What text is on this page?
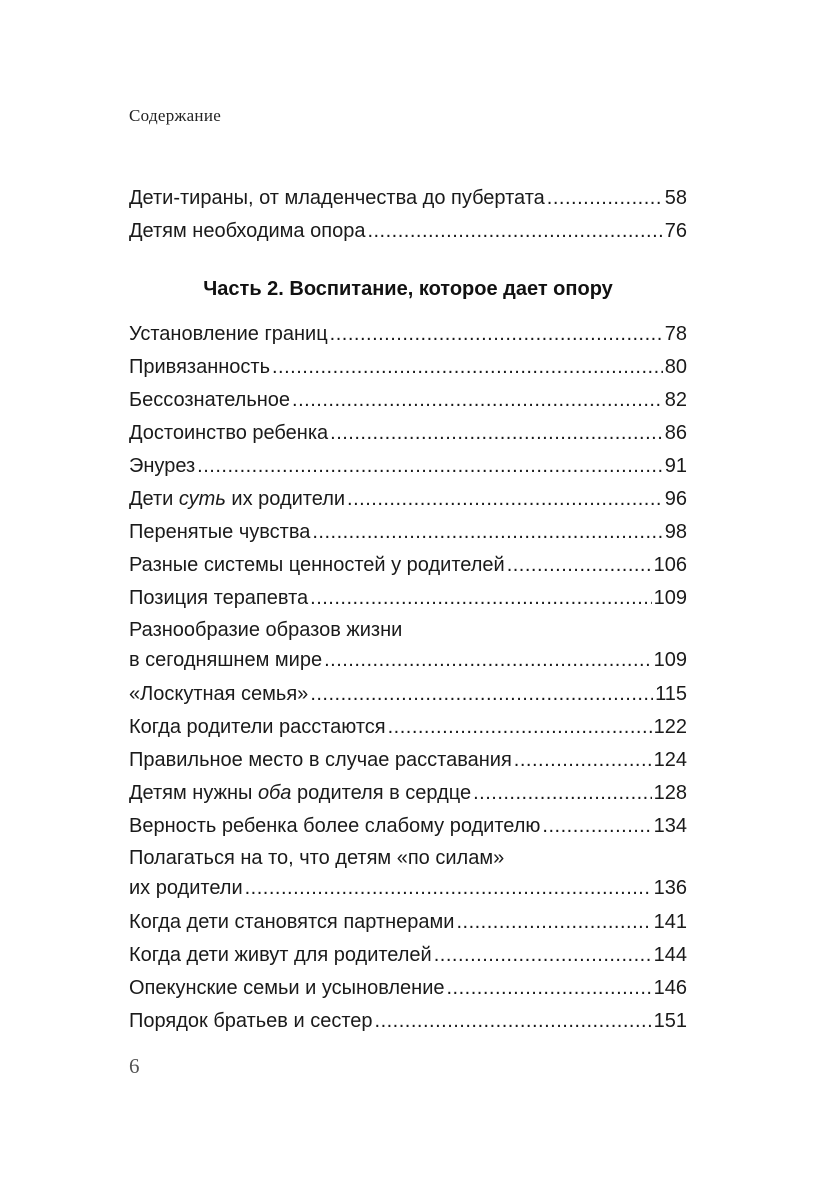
Содержание
Дети-тираны, от младенчества до пубертата .....	58
Детям необходима опора .....	76
Часть 2. Воспитание, которое дает опору
Установление границ .....	78
Привязанность .....	80
Бессознательное .....	82
Достоинство ребенка .....	86
Энурез .....	91
Дети суть их родители .....	96
Перенятые чувства .....	98
Разные системы ценностей у родителей .....	106
Позиция терапевта .....	109
Разнообразие образов жизни
в сегодняшнем мире .....	109
«Лоскутная семья» .....	115
Когда родители расстаются .....	122
Правильное место в случае расставания .....	124
Детям нужны оба родителя в сердце .....	128
Верность ребенка более слабому родителю .....	134
Полагаться на то, что детям «по силам»
их родители .....	136
Когда дети становятся партнерами .....	141
Когда дети живут для родителей .....	144
Опекунские семьи и усыновление .....	146
Порядок братьев и сестер .....	151
6
